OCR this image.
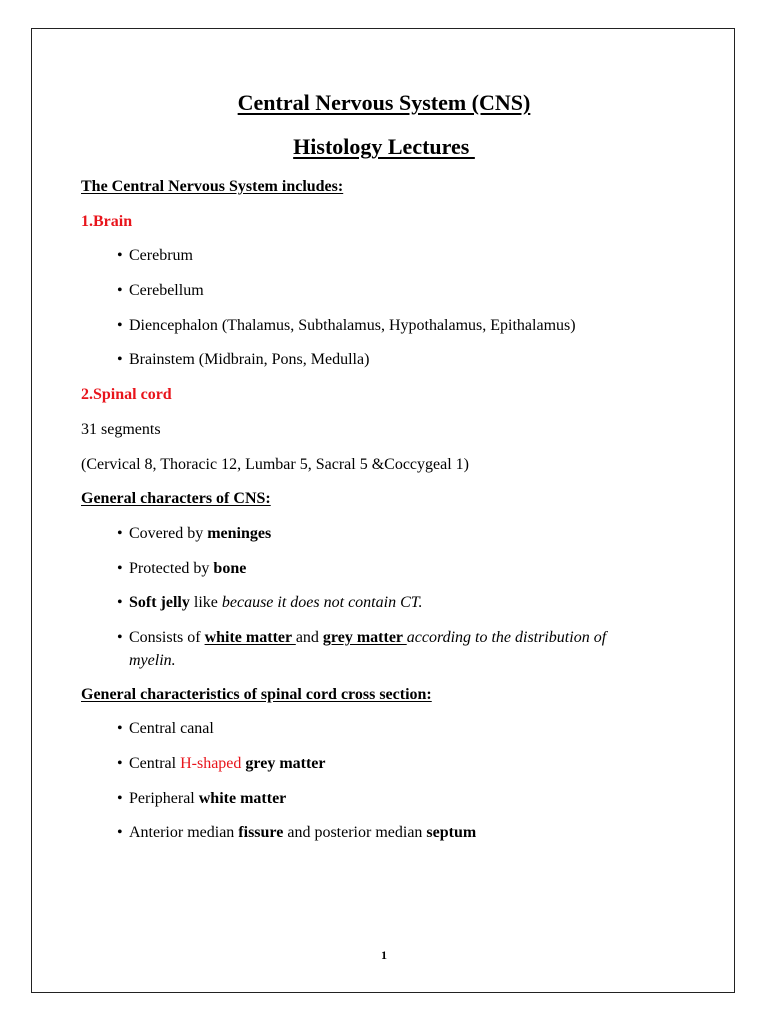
Central Nervous System (CNS)
Histology Lectures
The Central Nervous System includes:
1.Brain
• Cerebrum
• Cerebellum
• Diencephalon (Thalamus, Subthalamus, Hypothalamus, Epithalamus)
• Brainstem (Midbrain, Pons, Medulla)
2.Spinal cord
31 segments
(Cervical 8, Thoracic 12, Lumbar 5, Sacral 5 &Coccygeal 1)
General characters of CNS:
• Covered by meninges
• Protected by bone
• Soft jelly like because it does not contain CT.
• Consists of white matter and grey matter according to the distribution of
myelin.
General characteristics of spinal cord cross section:
• Central canal
• Central H-shaped grey matter
• Peripheral white matter
• Anterior median fissure and posterior median septum
1
